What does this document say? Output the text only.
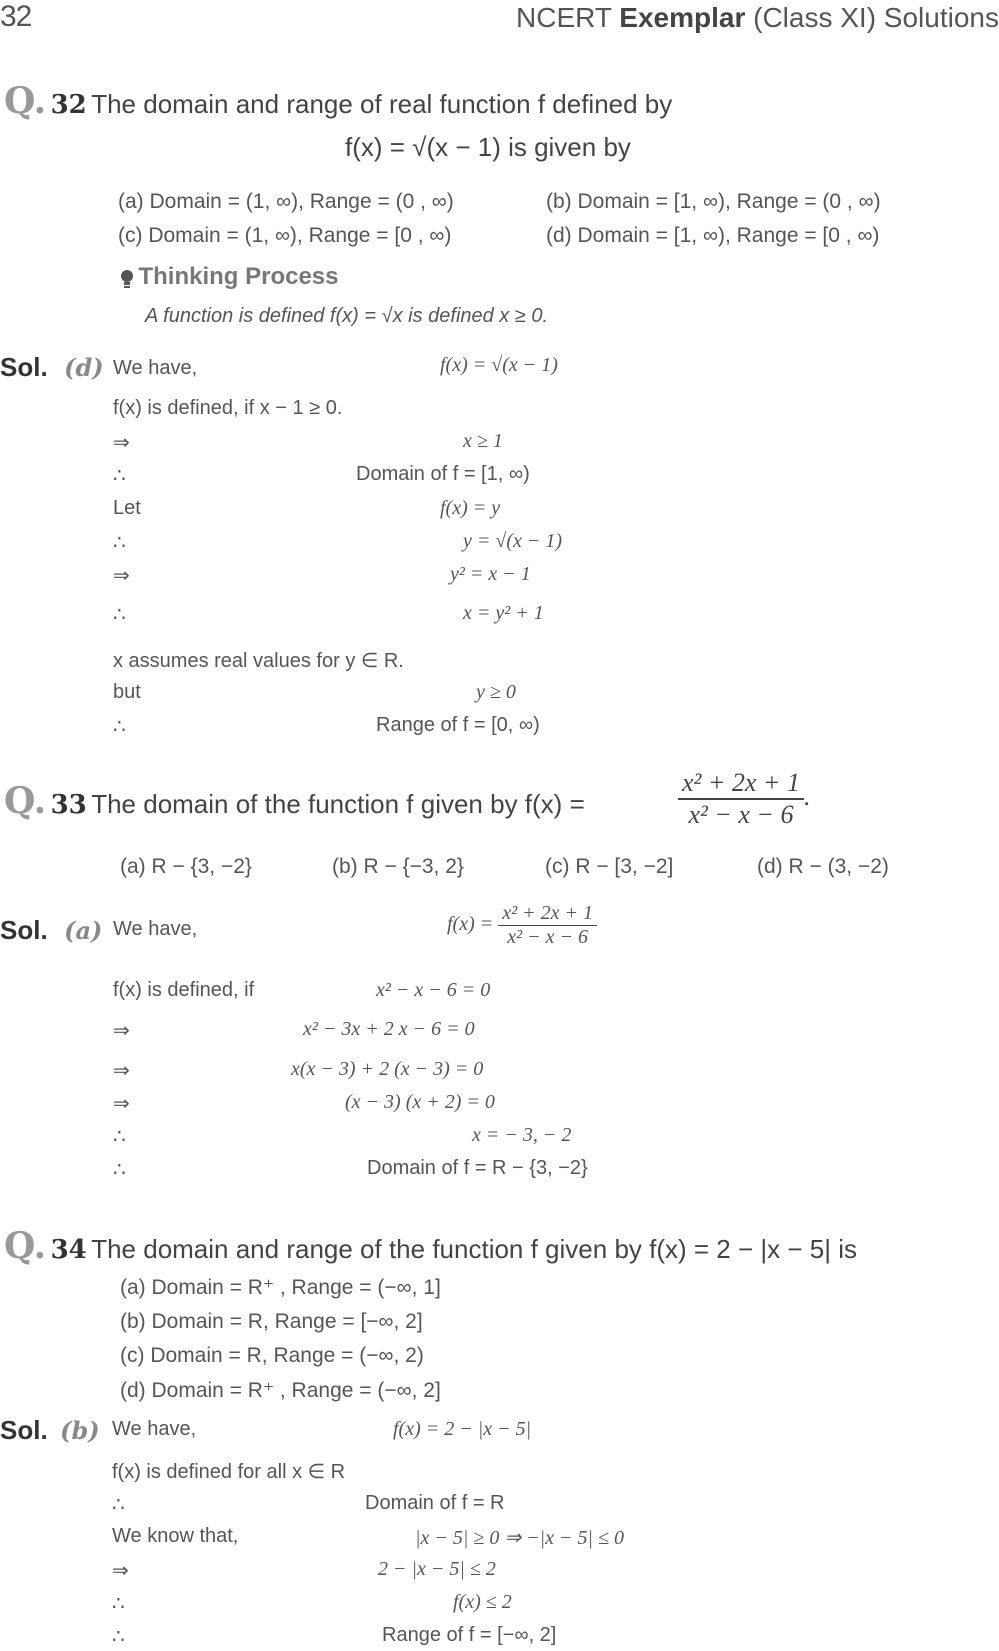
32	NCERT Exemplar (Class XI) Solutions
Q. 32 The domain and range of real function f defined by
f(x) = √(x − 1) is given by
(a) Domain = (1, ∞), Range = (0 , ∞)	(b) Domain = [1, ∞), Range = (0 , ∞)
(c) Domain = (1, ∞), Range = [0 , ∞)	(d) Domain = [1, ∞), Range = [0 , ∞)
Thinking Process
A function is defined f(x) = √x is defined x ≥ 0.
Sol. (d) We have,	f(x) = √(x − 1)
f(x) is defined, if x − 1 ≥ 0.
⇒	x ≥ 1
∴	Domain of f = [1, ∞)
Let	f(x) = y
∴	y = √(x − 1)
⇒	y² = x − 1
∴	x = y² + 1
x assumes real values for y ∈ R.
but	y ≥ 0
∴	Range of f = [0, ∞)
Q. 33 The domain of the function f given by f(x) =	$\frac{\text{x² + 2x + 1}}{\text{x² − x − 6}}$ .
(a) R − {3, −2}	(b) R − {−3, 2}	(c) R − [3, −2]	(d) R − (3, −2)
Sol. (a) We have,	$f(x) = \frac{\text{x² + 2x + 1}}{\text{x² − x − 6}}$
f(x) is defined, if	x² − x − 6 = 0
⇒	x² − 3x + 2 x − 6 = 0
⇒	x(x − 3) + 2 (x − 3) = 0
⇒	(x − 3) (x + 2) = 0
∴	x = − 3, − 2
∴	Domain of f = R − {3, −2}
Q. 34 The domain and range of the function f given by f(x) = 2 − |x − 5| is
(a) Domain = R⁺ , Range = (−∞, 1]
(b) Domain = R, Range = [−∞, 2]
(c) Domain = R, Range = (−∞, 2)
(d) Domain = R⁺ , Range = (−∞, 2]
Sol. (b) We have,	f(x) = 2 − |x − 5|
f(x) is defined for all x ∈ R
∴	Domain of f = R
We know that,	|x − 5| ≥ 0 ⇒ −|x − 5| ≤ 0
⇒	2 − |x − 5| ≤ 2
∴	f(x) ≤ 2
∴	Range of f = [−∞, 2]
